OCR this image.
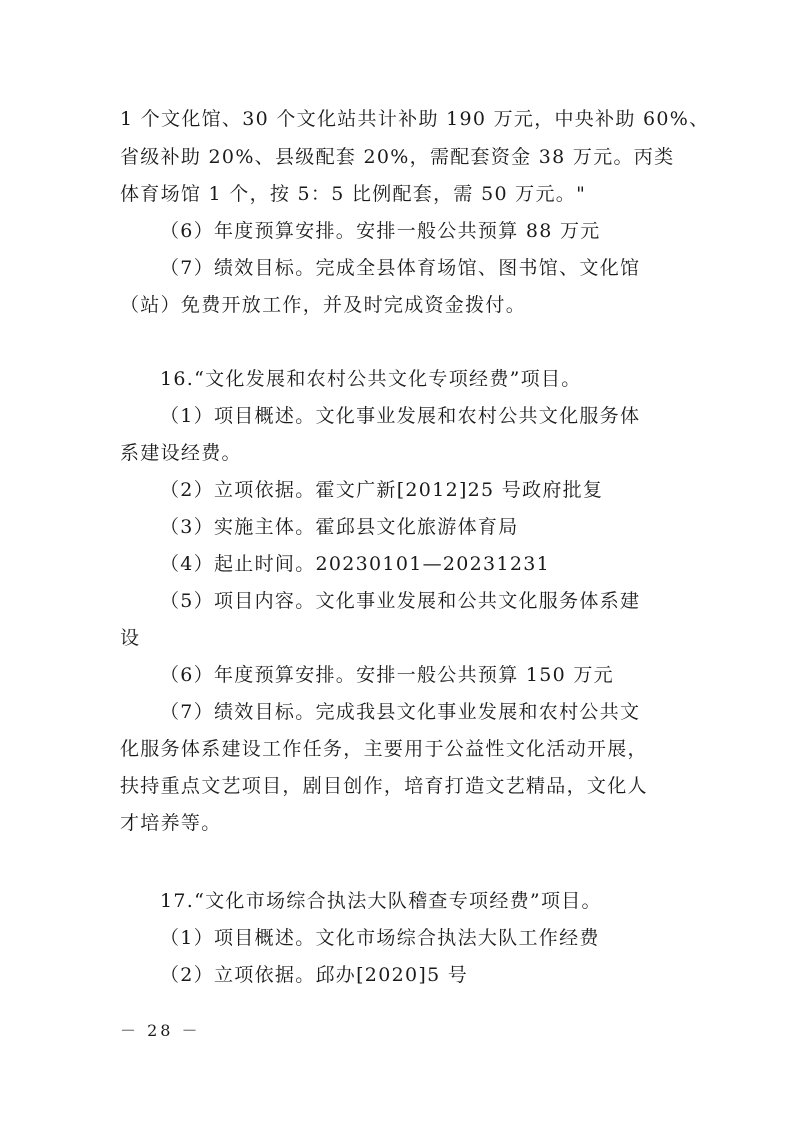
1 个文化馆、30 个文化站共计补助 190 万元，中央补助 60%、
省级补助 20%、县级配套 20%，需配套资金 38 万元。丙类
体育场馆 1 个，按 5：5 比例配套，需 50 万元。"
（6）年度预算安排。安排一般公共预算 88 万元
（7）绩效目标。完成全县体育场馆、图书馆、文化馆
（站）免费开放工作，并及时完成资金拨付。
16.“文化发展和农村公共文化专项经费”项目。
（1）项目概述。文化事业发展和农村公共文化服务体
系建设经费。
（2）立项依据。霍文广新[2012]25 号政府批复
（3）实施主体。霍邱县文化旅游体育局
（4）起止时间。20230101—20231231
（5）项目内容。文化事业发展和公共文化服务体系建
设
（6）年度预算安排。安排一般公共预算 150 万元
（7）绩效目标。完成我县文化事业发展和农村公共文
化服务体系建设工作任务，主要用于公益性文化活动开展，
扶持重点文艺项目，剧目创作，培育打造文艺精品，文化人
才培养等。
17.“文化市场综合执法大队稽查专项经费”项目。
（1）项目概述。文化市场综合执法大队工作经费
（2）立项依据。邱办[2020]5 号
－ 28 －
